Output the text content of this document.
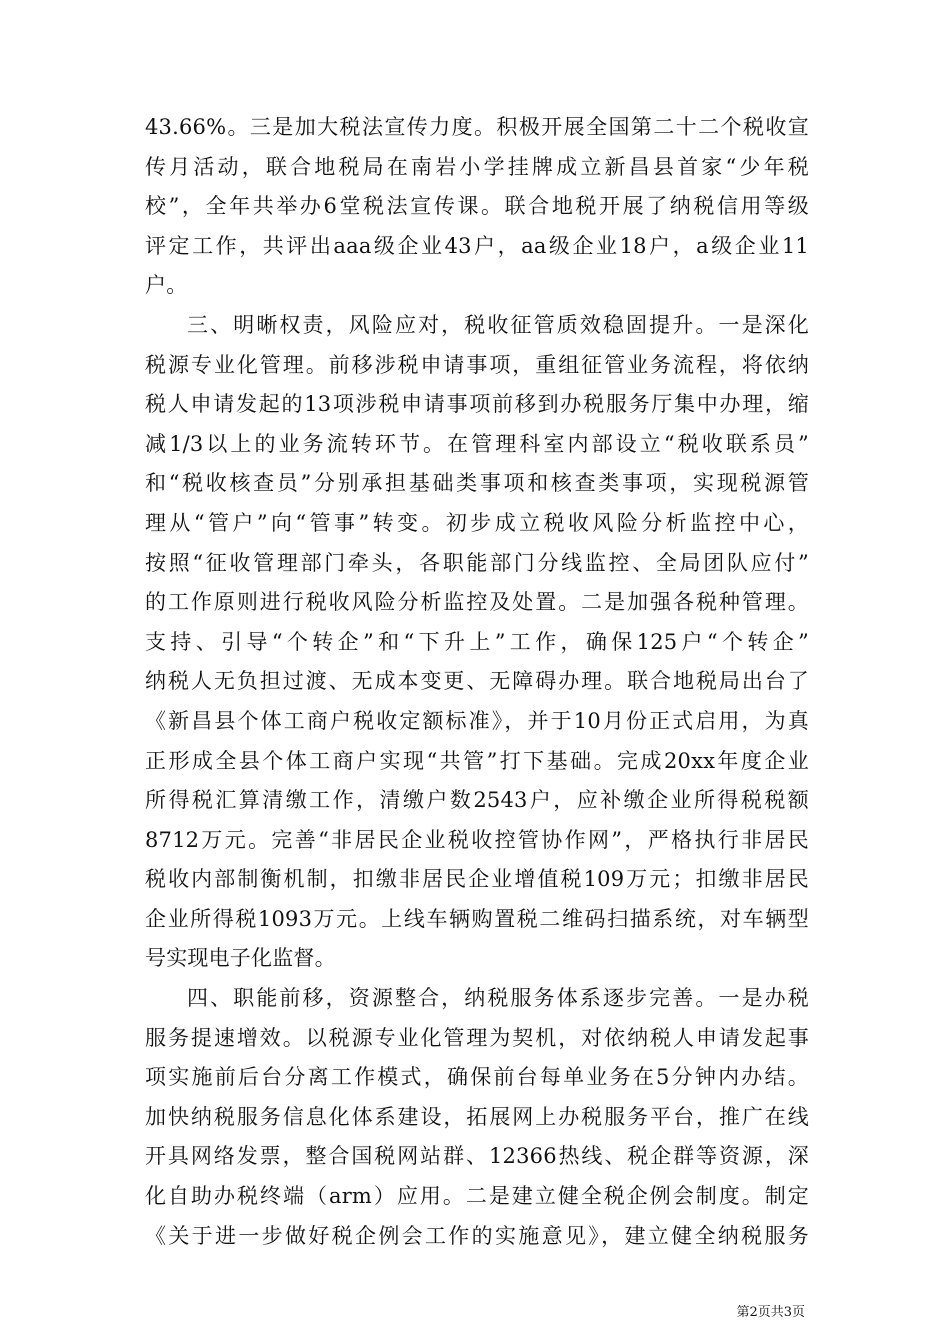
43.66%。三是加大税法宣传力度。积极开展全国第二十二个税收宣
传月活动，联合地税局在南岩小学挂牌成立新昌县首家“少年税
校”，全年共举办6堂税法宣传课。联合地税开展了纳税信用等级
评定工作，共评出aaa级企业43户，aa级企业18户，a级企业11
户。
三、明晰权责，风险应对，税收征管质效稳固提升。一是深化
税源专业化管理。前移涉税申请事项，重组征管业务流程，将依纳
税人申请发起的13项涉税申请事项前移到办税服务厅集中办理，缩
减1/3以上的业务流转环节。在管理科室内部设立“税收联系员”
和“税收核查员”分别承担基础类事项和核查类事项，实现税源管
理从“管户”向“管事”转变。初步成立税收风险分析监控中心，
按照“征收管理部门牵头，各职能部门分线监控、全局团队应付”
的工作原则进行税收风险分析监控及处置。二是加强各税种管理。
支持、引导“个转企”和“下升上”工作，确保125户“个转企”
纳税人无负担过渡、无成本变更、无障碍办理。联合地税局出台了
《新昌县个体工商户税收定额标准》，并于10月份正式启用，为真
正形成全县个体工商户实现“共管”打下基础。完成20xx年度企业
所得税汇算清缴工作，清缴户数2543户，应补缴企业所得税税额
8712万元。完善“非居民企业税收控管协作网”，严格执行非居民
税收内部制衡机制，扣缴非居民企业增值税109万元；扣缴非居民
企业所得税1093万元。上线车辆购置税二维码扫描系统，对车辆型
号实现电子化监督。
四、职能前移，资源整合，纳税服务体系逐步完善。一是办税
服务提速增效。以税源专业化管理为契机，对依纳税人申请发起事
项实施前后台分离工作模式，确保前台每单业务在5分钟内办结。
加快纳税服务信息化体系建设，拓展网上办税服务平台，推广在线
开具网络发票，整合国税网站群、12366热线、税企群等资源，深
化自助办税终端（arm）应用。二是建立健全税企例会制度。制定
《关于进一步做好税企例会工作的实施意见》，建立健全纳税服务
第2页共3页
